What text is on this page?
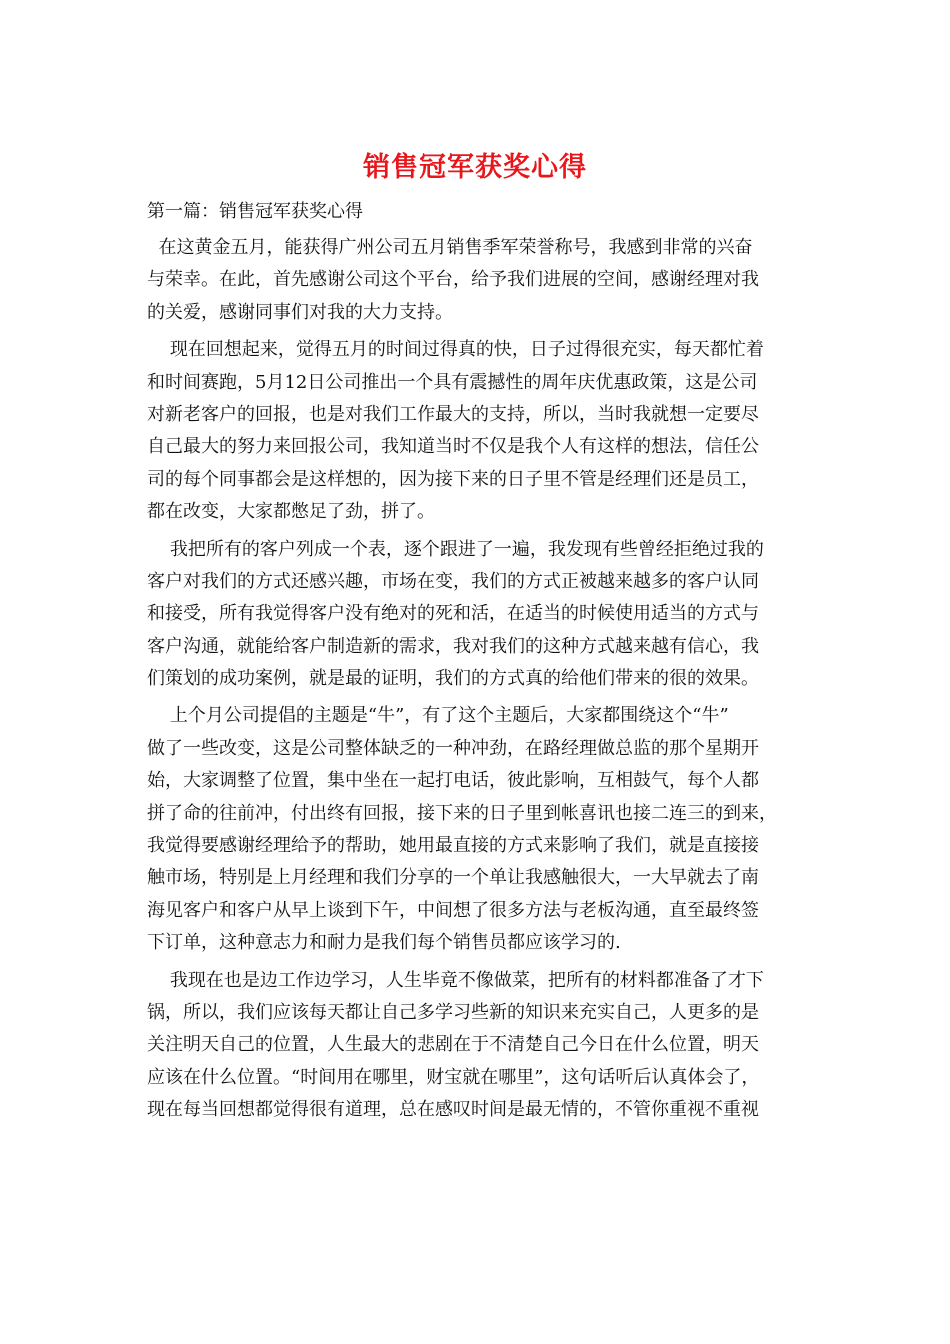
销售冠军获奖心得
第一篇：销售冠军获奖心得
在这黄金五月，能获得广州公司五月销售季军荣誉称号，我感到非常的兴奋
与荣幸。在此，首先感谢公司这个平台，给予我们进展的空间，感谢经理对我
的关爱，感谢同事们对我的大力支持。
现在回想起来，觉得五月的时间过得真的快，日子过得很充实，每天都忙着
和时间赛跑，5月12日公司推出一个具有震撼性的周年庆优惠政策，这是公司
对新老客户的回报，也是对我们工作最大的支持，所以，当时我就想一定要尽
自己最大的努力来回报公司，我知道当时不仅是我个人有这样的想法，信任公
司的每个同事都会是这样想的，因为接下来的日子里不管是经理们还是员工，
都在改变，大家都憋足了劲，拼了。
我把所有的客户列成一个表，逐个跟进了一遍，我发现有些曾经拒绝过我的
客户对我们的方式还感兴趣，市场在变，我们的方式正被越来越多的客户认同
和接受，所有我觉得客户没有绝对的死和活，在适当的时候使用适当的方式与
客户沟通，就能给客户制造新的需求，我对我们的这种方式越来越有信心，我
们策划的成功案例，就是最的证明，我们的方式真的给他们带来的很的效果。
上个月公司提倡的主题是“牛”，有了这个主题后，大家都围绕这个“牛”
做了一些改变，这是公司整体缺乏的一种冲劲，在路经理做总监的那个星期开
始，大家调整了位置，集中坐在一起打电话，彼此影响，互相鼓气，每个人都
拼了命的往前冲，付出终有回报，接下来的日子里到帐喜讯也接二连三的到来，
我觉得要感谢经理给予的帮助，她用最直接的方式来影响了我们，就是直接接
触市场，特别是上月经理和我们分享的一个单让我感触很大，一大早就去了南
海见客户和客户从早上谈到下午，中间想了很多方法与老板沟通，直至最终签
下订单，这种意志力和耐力是我们每个销售员都应该学习的.
我现在也是边工作边学习，人生毕竟不像做菜，把所有的材料都准备了才下
锅，所以，我们应该每天都让自己多学习些新的知识来充实自己，人更多的是
关注明天自己的位置，人生最大的悲剧在于不清楚自己今日在什么位置，明天
应该在什么位置。“时间用在哪里，财宝就在哪里”，这句话听后认真体会了，
现在每当回想都觉得很有道理，总在感叹时间是最无情的，不管你重视不重视
